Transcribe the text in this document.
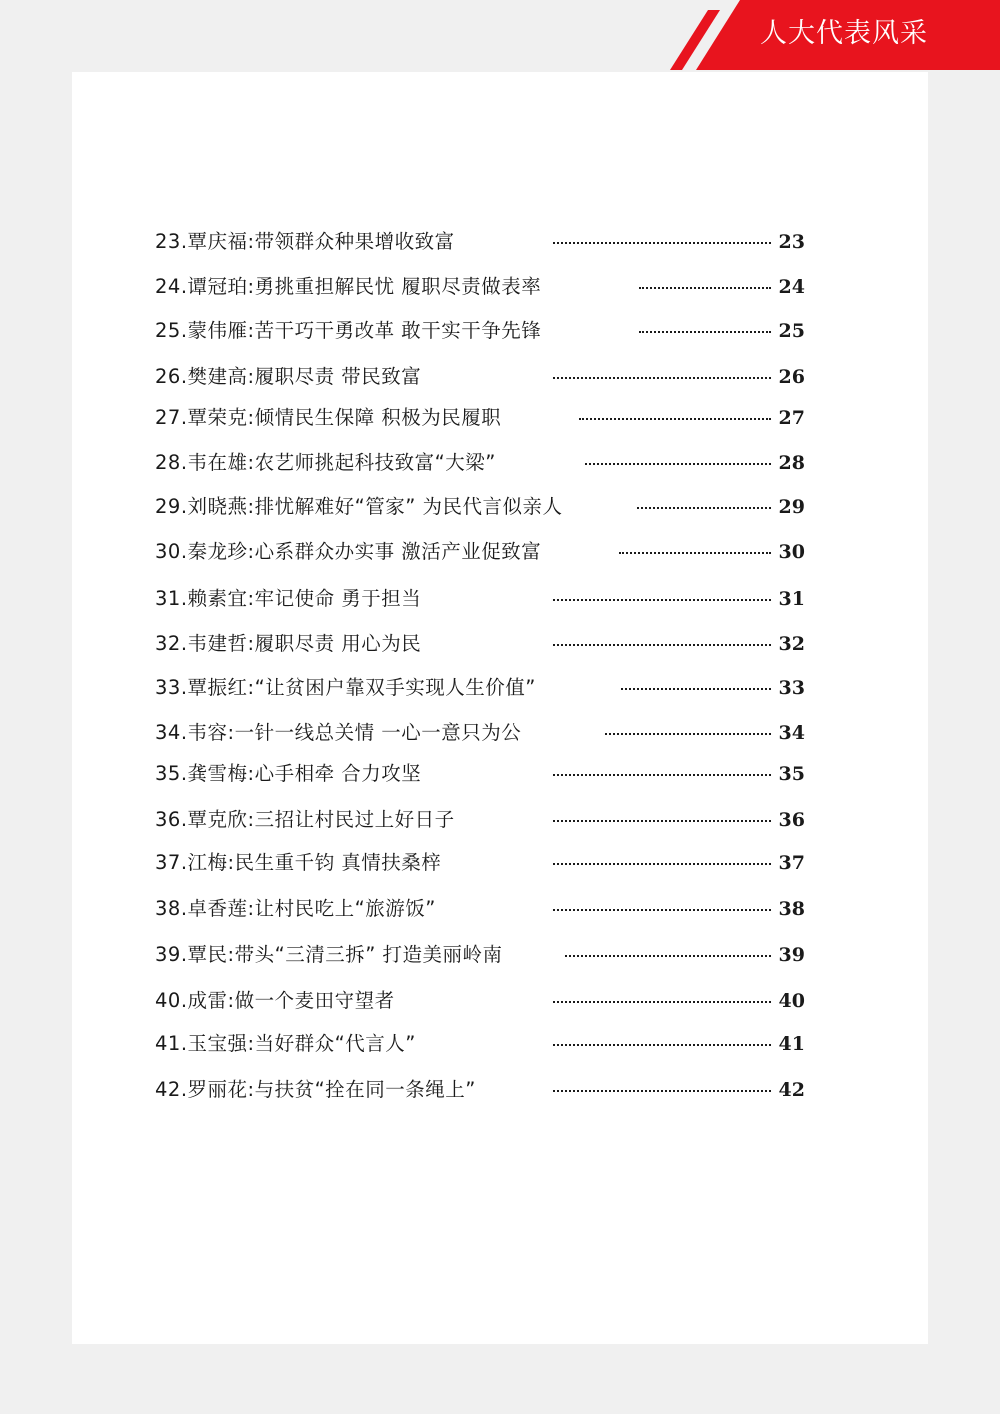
人大代表风采
23.覃庆福:带领群众种果增收致富	23
24.谭冠珀:勇挑重担解民忧 履职尽责做表率	24
25.蒙伟雁:苦干巧干勇改革 敢干实干争先锋	25
26.樊建高:履职尽责 带民致富	26
27.覃荣克:倾情民生保障 积极为民履职	27
28.韦在雄:农艺师挑起科技致富“大梁”	28
29.刘晓燕:排忧解难好“管家” 为民代言似亲人	29
30.秦龙珍:心系群众办实事 激活产业促致富	30
31.赖素宜:牢记使命 勇于担当	31
32.韦建哲:履职尽责 用心为民	32
33.覃振红:“让贫困户靠双手实现人生价值”	33
34.韦容:一针一线总关情 一心一意只为公	34
35.龚雪梅:心手相牵 合力攻坚	35
36.覃克欣:三招让村民过上好日子	36
37.江梅:民生重千钧 真情扶桑梓	37
38.卓香莲:让村民吃上“旅游饭”	38
39.覃民:带头“三清三拆” 打造美丽岭南	39
40.成雷:做一个麦田守望者	40
41.玉宝强:当好群众“代言人”	41
42.罗丽花:与扶贫“拴在同一条绳上”	42
